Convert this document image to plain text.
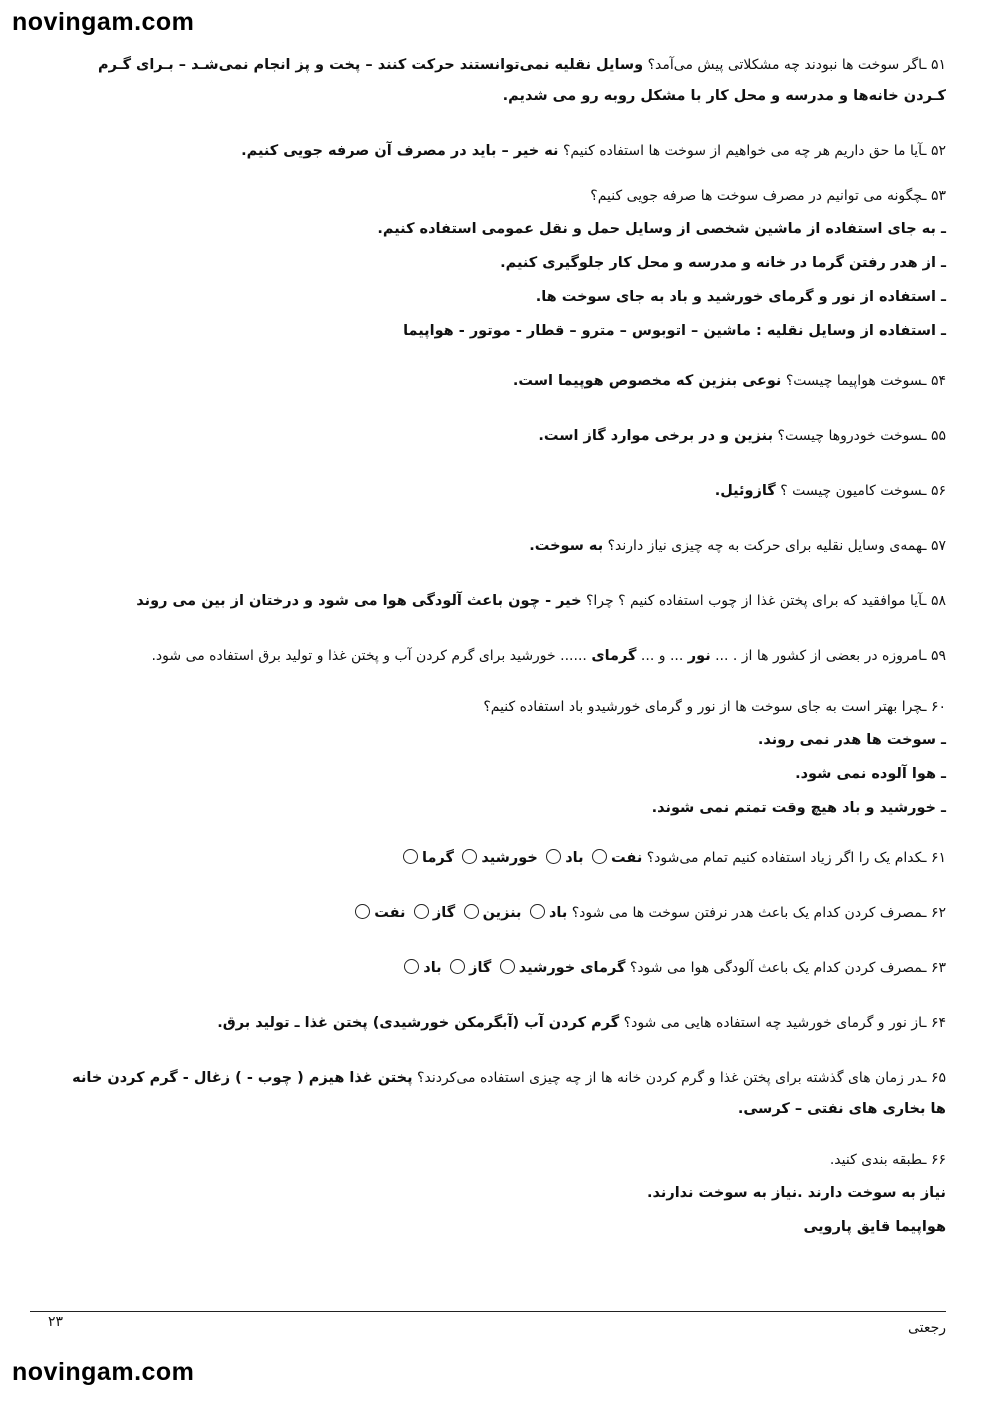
novingam.com

۵۱ ـاگر سوخت ها نبودند چه مشکلاتی پیش می‌آمد؟ وسایل نقلیه نمی‌توانستند حرکت کنند – پخت و پز انجام نمی‌شـد – بـرای گـرم کـردن خانه‌ها و مدرسه و محل کار با مشکل روبه رو می شدیم.

۵۲ ـآیا ما حق داریم هر چه می خواهیم از سوخت ها استفاده کنیم؟ نه خیر – باید در مصرف آن صرفه جویی کنیم.

۵۳ ـچگونه می توانیم در مصرف سوخت ها صرفه جویی کنیم؟

ـ به جای استفاده از ماشین شخصی از وسایل حمل و نقل عمومی استفاده کنیم.

ـ از هدر رفتن گرما در خانه و مدرسه و محل کار جلوگیری کنیم.

ـ استفاده از نور و گرمای خورشید و باد به جای سوخت ها.

ـ استفاده از وسایل نقلیه : ماشین – اتوبوس – مترو – قطار - موتور - هواپیما

۵۴ ـسوخت هواپیما چیست؟ نوعی بنزین که مخصوص هوپیما است.

۵۵ ـسوخت خودروها چیست؟ بنزین و در برخی موارد گاز است.

۵۶ ـسوخت کامیون چیست ؟ گازوئیل.

۵۷ ـهمه‌ی وسایل نقلیه برای حرکت به چه چیزی نیاز دارند؟ به سوخت.

۵۸ ـآیا موافقید که برای پختن غذا از چوب استفاده کنیم ؟ چرا؟ خیر - چون باعث آلودگی هوا می شود و درختان از بین می روند

۵۹ ـامروزه در بعضی از کشور ها از . ... نور ... و ... گرمای ...... خورشید برای گرم کردن آب و پختن غذا و تولید برق استفاده می شود.

۶۰ ـچرا بهتر است به جای سوخت ها از نور و گرمای خورشیدو باد استفاده کنیم؟

ـ سوخت ها هدر نمی روند.

ـ هوا آلوده نمی شود.

ـ خورشید و باد هیچ وقت تمتم نمی شوند.

۶۱ ـکدام یک را اگر زیاد استفاده کنیم تمام می‌شود؟ نفت باد خورشید گرما

۶۲ ـمصرف کردن کدام یک باعث هدر نرفتن سوخت ها می شود؟ باد بنزین گاز نفت

۶۳ ـمصرف کردن کدام یک باعث آلودگی هوا می شود؟ گرمای خورشید گاز باد

۶۴ ـاز نور و گرمای خورشید چه استفاده هایی می شود؟ گرم کردن آب (آبگرمکن خورشیدی) پختن غذا ـ تولید برق.

۶۵ ـدر زمان های گذشته برای پختن غذا و گرم کردن خانه ها از چه چیزی استفاده می‌کردند؟ پختن غذا هیزم ( چوب - ) زغال - گرم کردن خانه ها بخاری های نفتی – کرسی.

۶۶ ـطبقه بندی کنید.

نیاز به سوخت دارند .نیاز به سوخت ندارند.

هواپیما قایق پارویی

۲۳	رجعتی
novingam.com
